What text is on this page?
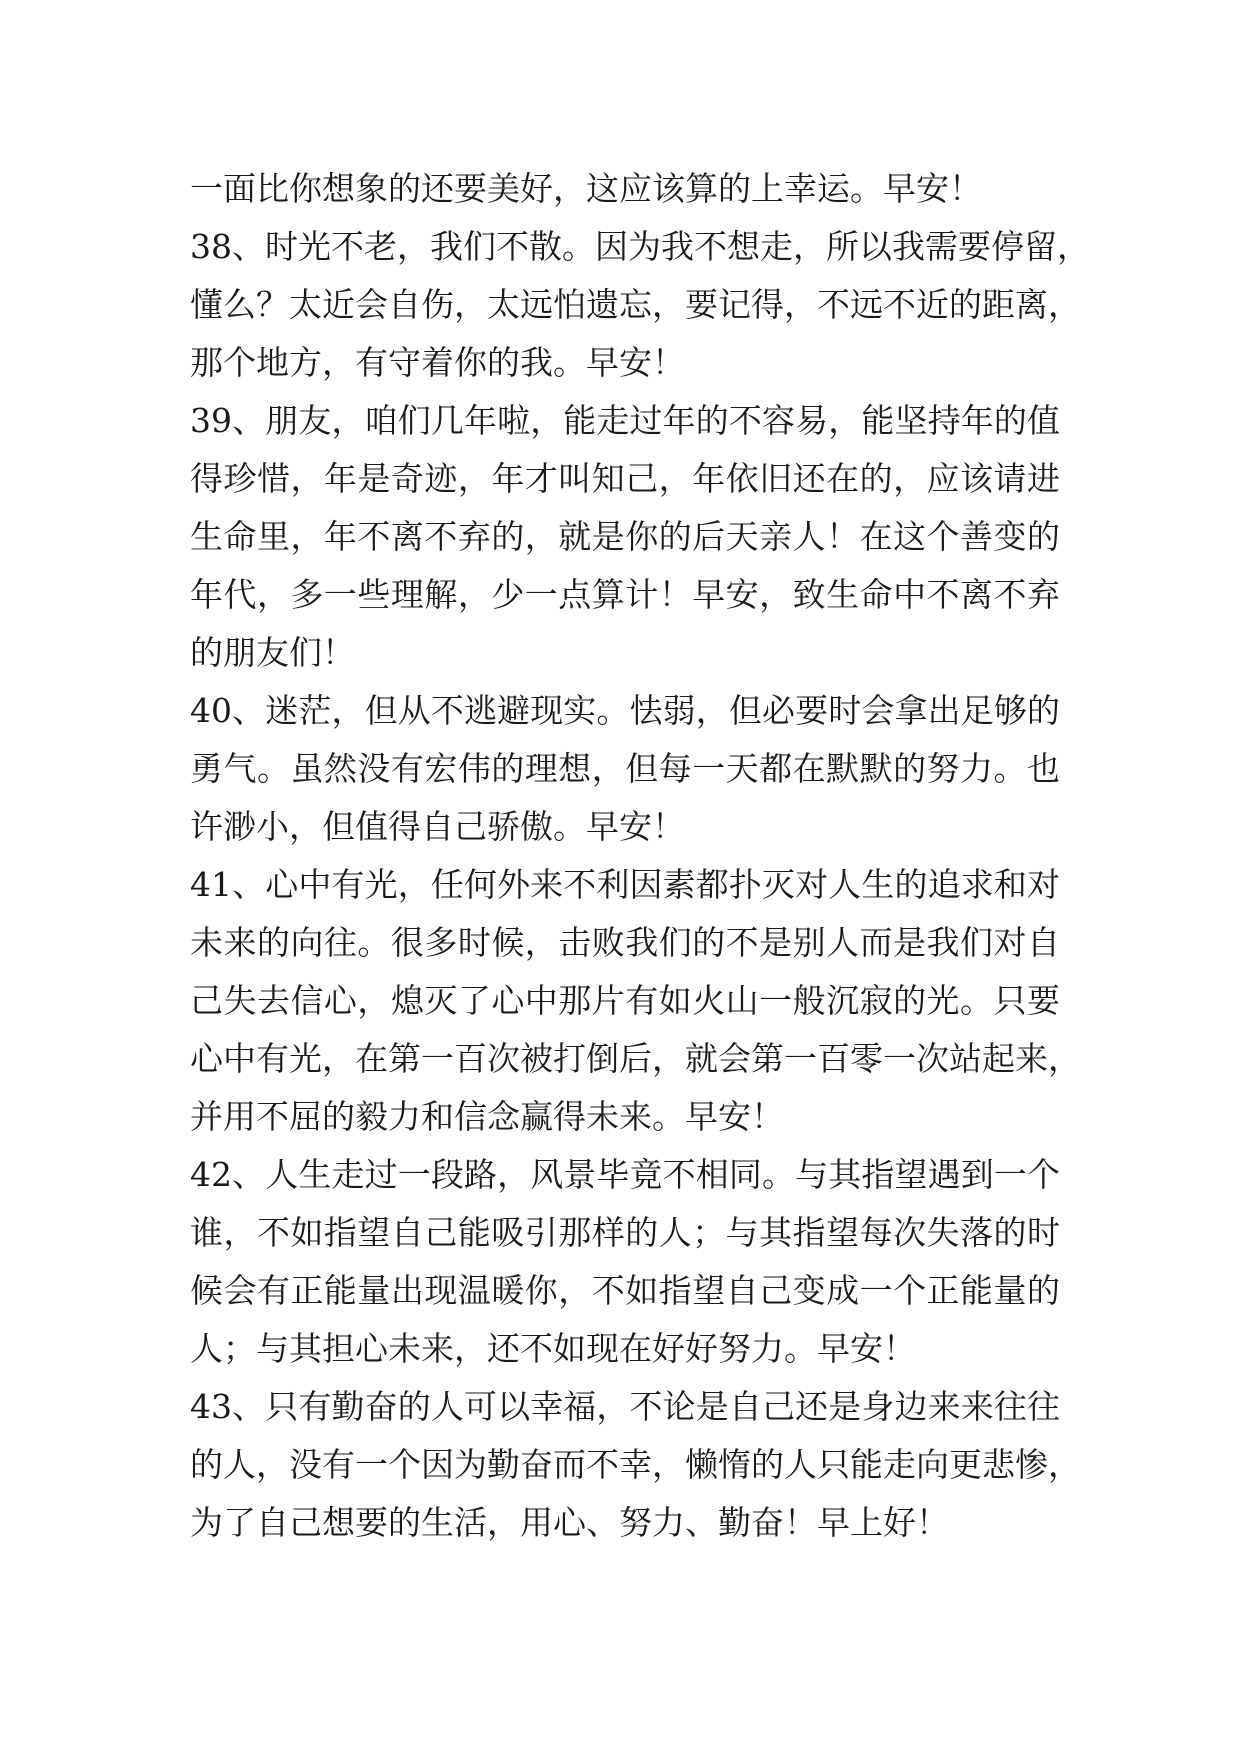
一面比你想象的还要美好，这应该算的上幸运。早安！
38、时光不老，我们不散。因为我不想走，所以我需要停留，
懂么？太近会自伤，太远怕遗忘，要记得，不远不近的距离，
那个地方，有守着你的我。早安！
39、朋友，咱们几年啦，能走过年的不容易，能坚持年的值
得珍惜，年是奇迹，年才叫知己，年依旧还在的，应该请进
生命里，年不离不弃的，就是你的后天亲人！在这个善变的
年代，多一些理解，少一点算计！早安，致生命中不离不弃
的朋友们！
40、迷茫，但从不逃避现实。怯弱，但必要时会拿出足够的
勇气。虽然没有宏伟的理想，但每一天都在默默的努力。也
许渺小，但值得自己骄傲。早安！
41、心中有光，任何外来不利因素都扑灭对人生的追求和对
未来的向往。很多时候，击败我们的不是别人而是我们对自
己失去信心，熄灭了心中那片有如火山一般沉寂的光。只要
心中有光，在第一百次被打倒后，就会第一百零一次站起来，
并用不屈的毅力和信念赢得未来。早安！
42、人生走过一段路，风景毕竟不相同。与其指望遇到一个
谁，不如指望自己能吸引那样的人；与其指望每次失落的时
候会有正能量出现温暖你，不如指望自己变成一个正能量的
人；与其担心未来，还不如现在好好努力。早安！
43、只有勤奋的人可以幸福，不论是自己还是身边来来往往
的人，没有一个因为勤奋而不幸，懒惰的人只能走向更悲惨，
为了自己想要的生活，用心、努力、勤奋！早上好！
